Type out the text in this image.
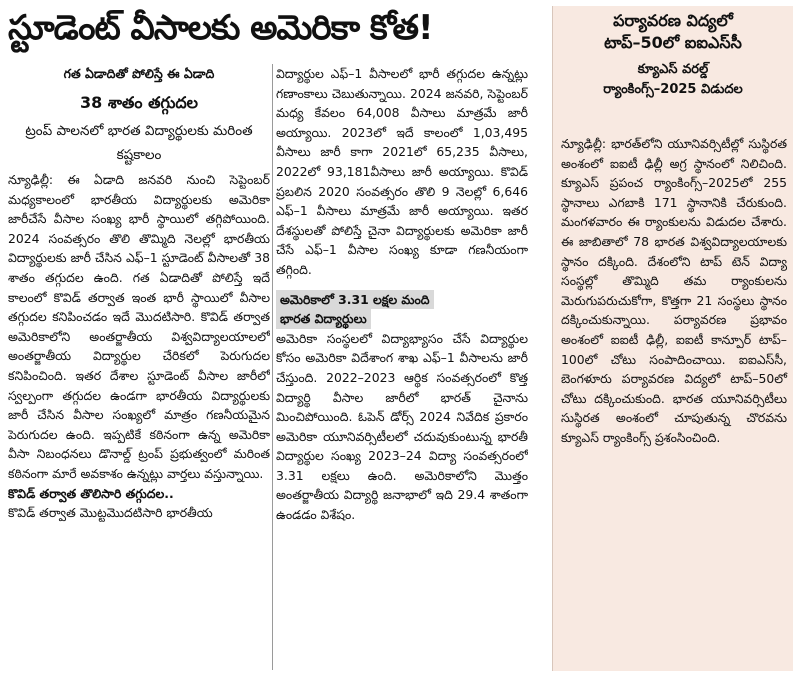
స్టూడెంట్ వీసాలకు అమెరికా కోత!
గత ఏడాదితో పోలిస్తే ఈ ఏడాది
38 శాతం తగ్గుదల
ట్రంప్ పాలనలో భారత విద్యార్థులకు మరింత కష్టకాలం

న్యూఢిల్లీ: ఈ ఏడాది జనవరి నుంచి సెప్టెంబర్ మధ్యకాలంలో భారతీయ విద్యార్థులకు అమెరికా జారీచేసే వీసాల సంఖ్య భారీ స్థాయిలో తగ్గిపోయింది. 2024 సంవత్సరం తొలి తొమ్మిది నెలల్లో భారతీయ విద్యార్థులకు జారీ చేసిన ఎఫ్–1 స్టూడెంట్ వీసాలతో 38 శాతం తగ్గుదల ఉంది. గత ఏడాదితో పోలిస్తే ఇదే కాలంలో కొవిడ్ తర్వాత ఇంత భారీ స్థాయిలో వీసాల తగ్గుదల కనిపించడం ఇదే మొదటిసారి. కొవిడ్ తర్వాత అమెరికాలోని అంతర్జాతీయ విశ్వవిద్యాలయాలలో అంతర్జాతీయ విద్యార్థుల చేరికలో పెరుగుదల కనిపించింది. ఇతర దేశాల స్టూడెంట్ వీసాల జారీలో స్వల్పంగా తగ్గుదల ఉండగా భారతీయ విద్యార్థులకు జారీ చేసిన వీసాల సంఖ్యలో మాత్రం గణనీయమైన పెరుగుదల ఉంది. ఇప్పటికే కఠినంగా ఉన్న అమెరికా వీసా నిబంధనలు డొనాల్డ్ ట్రంప్ ప్రభుత్వంలో మరింత కఠినంగా మారే అవకాశం ఉన్నట్లు వార్తలు వస్తున్నాయి.

కొవిడ్ తర్వాత తొలిసారి తగ్గుదల..

కొవిడ్ తర్వాత మొట్టమొదటిసారి భారతీయ

విద్యార్థుల ఎఫ్–1 వీసాలలో భారీ తగ్గుదల ఉన్నట్లు గణాంకాలు చెబుతున్నాయి. 2024 జనవరి, సెప్టెంబర్ మధ్య కేవలం 64,008 వీసాలు మాత్రమే జారీ అయ్యాయి. 2023లో ఇదే కాలంలో 1,03,495 వీసాలు జారీ కాగా 2021లో 65,235 వీసాలు, 2022లో 93,181వీసాలు జారీ అయ్యాయి. కొవిడ్ ప్రబలిన 2020 సంవత్సరం తొలి 9 నెలల్లో 6,646 ఎఫ్–1 వీసాలు మాత్రమే జారీ అయ్యాయి. ఇతర దేశస్థులతో పోలిస్తే చైనా విద్యార్థులకు అమెరికా జారీ చేసే ఎఫ్–1 వీసాల సంఖ్య కూడా గణనీయంగా తగ్గింది.

అమెరికాలో 3.31 లక్షల మంది
భారత విద్యార్థులు

అమెరికా సంస్థలలో విద్యాభ్యాసం చేసే విద్యార్థుల కోసం అమెరికా విదేశాంగ శాఖ ఎఫ్–1 వీసాలను జారీ చేస్తుంది. 2022–2023 ఆర్థిక సంవత్సరంలో కొత్త విద్యార్థి వీసాల జారీలో భారత్ చైనాను మించిపోయింది. ఓపెన్ డోర్స్ 2024 నివేదిక ప్రకారం అమెరికా యూనివర్సిటీలలో చదువుకుంటున్న భారతీ విద్యార్థుల సంఖ్య 2023–24 విద్యా సంవత్సరంలో 3.31 లక్షలు ఉంది. అమెరికాలోని మొత్తం అంతర్జాతీయ విద్యార్థి జనాభాలో ఇది 29.4 శాతంగా ఉండడం విశేషం.

పర్యావరణ విద్యలో
టాప్–50లో ఐఐఎస్‌సీ
క్యూఎస్ వరల్డ్
ర్యాంకింగ్స్–2025 విడుదల
న్యూఢిల్లీ: భారత్‌లోని యూనివర్సిటీల్లో సుస్థిరత అంశంలో ఐఐటీ ఢిల్లీ అగ్ర స్థానంలో నిలిచింది. క్యూఎస్ ప్రపంచ ర్యాంకింగ్స్–2025లో 255 స్థానాలు ఎగబాకి 171 స్థానానికి చేరుకుంది. మంగళవారం ఈ ర్యాంకులను విడుదల చేశారు. ఈ జాబితాలో 78 భారత విశ్వవిద్యాలయాలకు స్థానం దక్కింది. దేశంలోని టాప్ టెన్ విద్యా సంస్థల్లో తొమ్మిది తమ ర్యాంకులను మెరుగుపరుచుకోగా, కొత్తగా 21 సంస్థలు స్థానం దక్కించుకున్నాయి. పర్యావరణ ప్రభావం అంశంలో ఐఐటీ ఢిల్లీ, ఐఐటీ కాన్పూర్ టాప్–100లో చోటు సంపాదించాయి. ఐఐఎస్‌సీ, బెంగళూరు పర్యావరణ విద్యలో టాప్–50లో చోటు దక్కించుకుంది. భారత యూనివర్సిటీలు సుస్థిరత అంశంలో చూపుతున్న చొరవను క్యూఎస్ ర్యాంకింగ్స్ ప్రశంసించింది.
